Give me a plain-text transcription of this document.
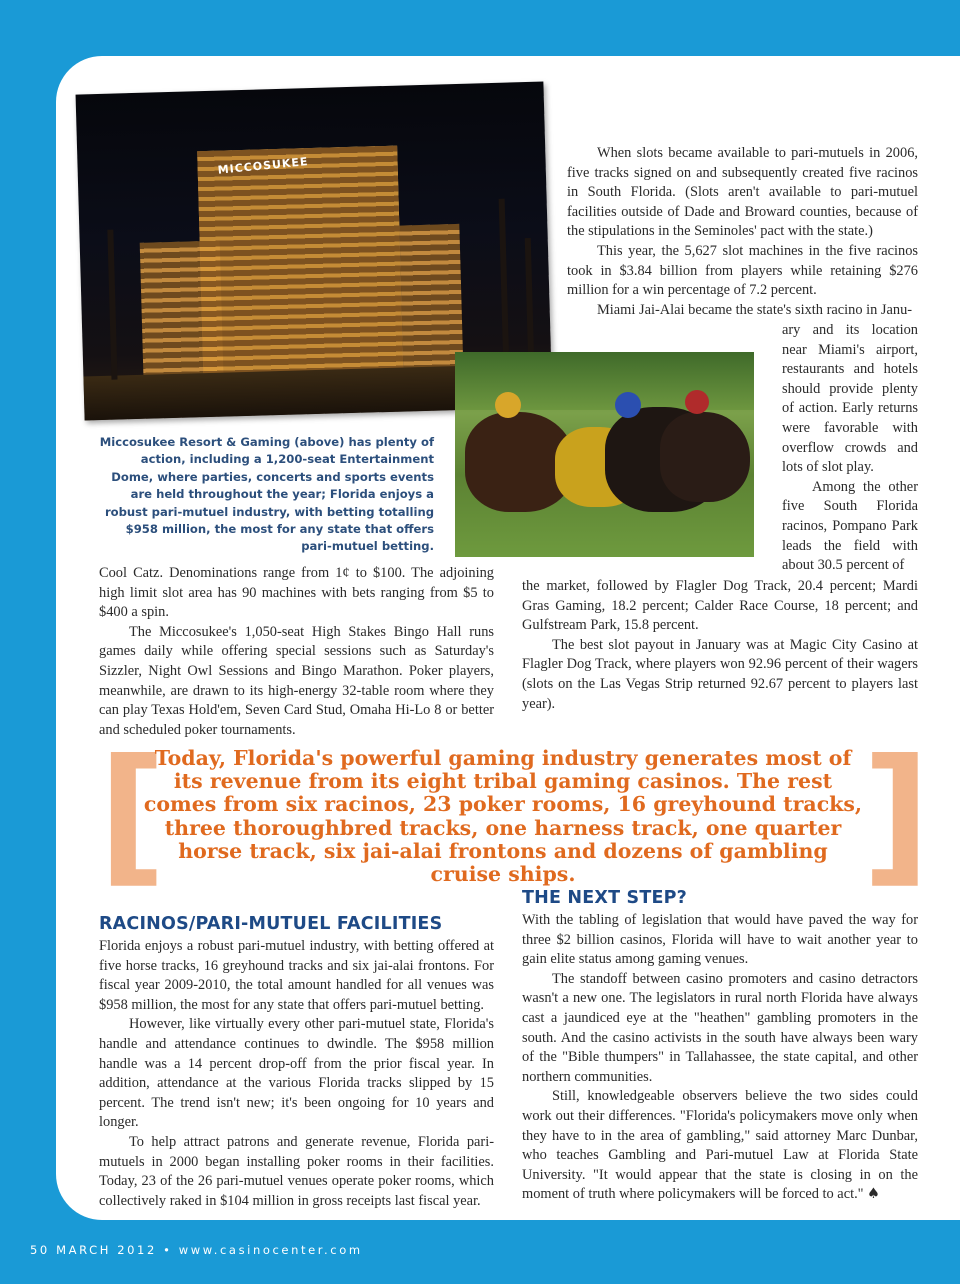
MICCOSUKEE

Miccosukee Resort & Gaming (above) has plenty of action, including a 1,200-seat Entertainment Dome, where parties, concerts and sports events are held throughout the year; Florida enjoys a robust pari-mutuel industry, with betting totalling $958 million, the most for any state that offers pari-mutuel betting.

When slots became available to pari-mutuels in 2006, five tracks signed on and subsequently created five racinos in South Florida. (Slots aren't available to pari-mutuel facilities outside of Dade and Broward counties, because of the stipulations in the Seminoles' pact with the state.)

This year, the 5,627 slot machines in the five racinos took in $3.84 billion from players while retaining $276 million for a win percentage of 7.2 percent.

Miami Jai-Alai became the state's sixth racino in Janu-

ary and its location near Miami's airport, restaurants and hotels should provide plenty of action. Early returns were favorable with overflow crowds and lots of slot play.

Among the other five South Florida racinos, Pompano Park leads the field with about 30.5 percent of

the market, followed by Flagler Dog Track, 20.4 percent; Mardi Gras Gaming, 18.2 percent; Calder Race Course, 18 percent; and Gulfstream Park, 15.8 percent.

The best slot payout in January was at Magic City Casino at Flagler Dog Track, where players won 92.96 percent of their wagers (slots on the Las Vegas Strip returned 92.67 percent to players last year).

Cool Catz. Denominations range from 1¢ to $100. The adjoining high limit slot area has 90 machines with bets ranging from $5 to $400 a spin.

The Miccosukee's 1,050-seat High Stakes Bingo Hall runs games daily while offering special sessions such as Saturday's Sizzler, Night Owl Sessions and Bingo Marathon. Poker players, meanwhile, are drawn to its high-energy 32-table room where they can play Texas Hold'em, Seven Card Stud, Omaha Hi-Lo 8 or better and scheduled poker tournaments.

[	]

Today, Florida's powerful gaming industry generates most of its revenue from its eight tribal gaming casinos. The rest comes from six racinos, 23 poker rooms, 16 greyhound tracks, three thoroughbred tracks, one harness track, one quarter horse track, six jai-alai frontons and dozens of gambling cruise ships.

RACINOS/PARI-MUTUEL FACILITIES

Florida enjoys a robust pari-mutuel industry, with betting offered at five horse tracks, 16 greyhound tracks and six jai-alai frontons. For fiscal year 2009-2010, the total amount handled for all venues was $958 million, the most for any state that offers pari-mutuel betting.

However, like virtually every other pari-mutuel state, Florida's handle and attendance continues to dwindle. The $958 million handle was a 14 percent drop-off from the prior fiscal year. In addition, attendance at the various Florida tracks slipped by 15 percent. The trend isn't new; it's been ongoing for 10 years and longer.

To help attract patrons and generate revenue, Florida pari-mutuels in 2000 began installing poker rooms in their facilities. Today, 23 of the 26 pari-mutuel venues operate poker rooms, which collectively raked in $104 million in gross receipts last fiscal year.

THE NEXT STEP?

With the tabling of legislation that would have paved the way for three $2 billion casinos, Florida will have to wait another year to gain elite status among gaming venues.

The standoff between casino promoters and casino detractors wasn't a new one. The legislators in rural north Florida have always cast a jaundiced eye at the "heathen" gambling promoters in the south. And the casino activists in the south have always been wary of the "Bible thumpers" in Tallahassee, the state capital, and other northern communities.

Still, knowledgeable observers believe the two sides could work out their differences. "Florida's policymakers move only when they have to in the area of gambling," said attorney Marc Dunbar, who teaches Gambling and Pari-mutuel Law at Florida State University. "It would appear that the state is closing in on the moment of truth where policymakers will be forced to act." ♠

50 MARCH 2012 • www.casinocenter.com
